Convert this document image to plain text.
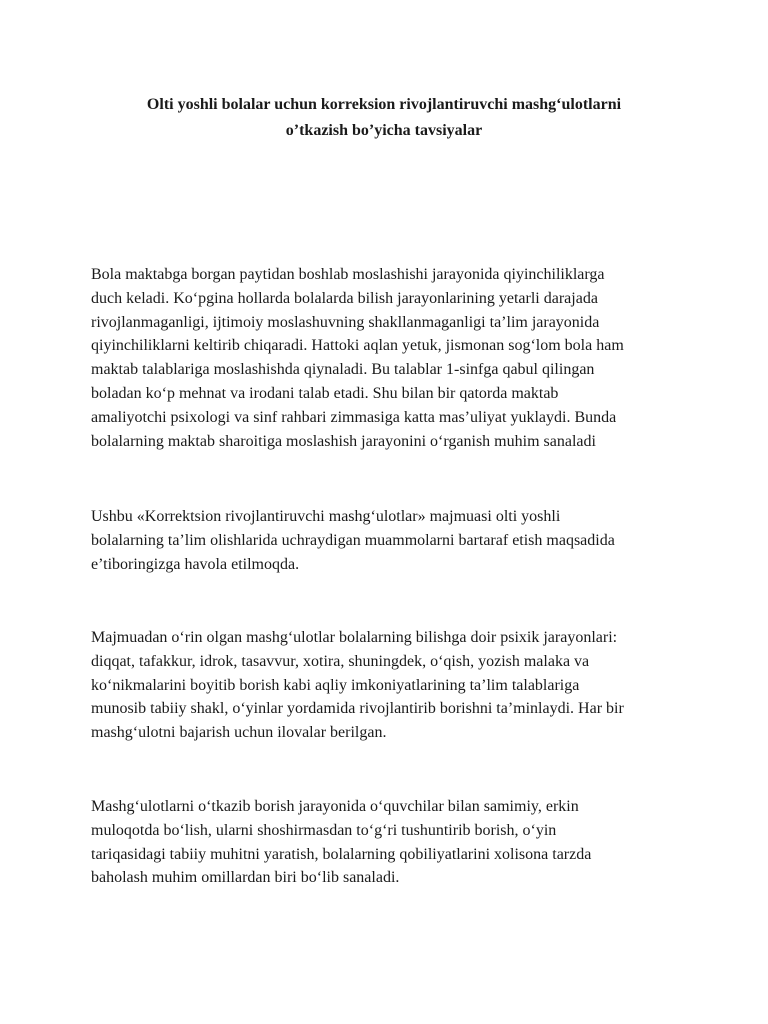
Olti yoshli bolalar uchun korreksion rivojlantiruvchi mashg‘ulotlarni
o’tkazish bo’yicha tavsiyalar

Bola maktabga borgan paytidan boshlab moslashishi jarayonida qiyinchiliklarga
duch keladi. Ko‘pgina hollarda bolalarda bilish jarayonlarining yetarli darajada
rivojlanmaganligi, ijtimoiy moslashuvning shakllanmaganligi ta’lim jarayonida
qiyinchiliklarni keltirib chiqaradi. Hattoki aqlan yetuk, jismonan sog‘lom bola ham
maktab talablariga moslashishda qiynaladi. Bu talablar 1-sinfga qabul qilingan
boladan ko‘p mehnat va irodani talab etadi. Shu bilan bir qatorda maktab
amaliyotchi psixologi va sinf rahbari zimmasiga katta mas’uliyat yuklaydi. Bunda
bolalarning maktab sharoitiga moslashish jarayonini o‘rganish muhim sanaladi

Ushbu «Korrektsion rivojlantiruvchi mashg‘ulotlar» majmuasi olti yoshli
bolalarning ta’lim olishlarida uchraydigan muammolarni bartaraf etish maqsadida
e’tiboringizga havola etilmoqda.

Majmuadan o‘rin olgan mashg‘ulotlar bolalarning bilishga doir psixik jarayonlari:
diqqat, tafakkur, idrok, tasavvur, xotira, shuningdek, o‘qish, yozish malaka va
ko‘nikmalarini boyitib borish kabi aqliy imkoniyatlarining ta’lim talablariga
munosib tabiiy shakl, o‘yinlar yordamida rivojlantirib borishni ta’minlaydi. Har bir
mashg‘ulotni bajarish uchun ilovalar berilgan.

Mashg‘ulotlarni o‘tkazib borish jarayonida o‘quvchilar bilan samimiy, erkin
muloqotda bo‘lish, ularni shoshirmasdan to‘g‘ri tushuntirib borish, o‘yin
tariqasidagi tabiiy muhitni yaratish, bolalarning qobiliyatlarini xolisona tarzda
baholash muhim omillardan biri bo‘lib sanaladi.
